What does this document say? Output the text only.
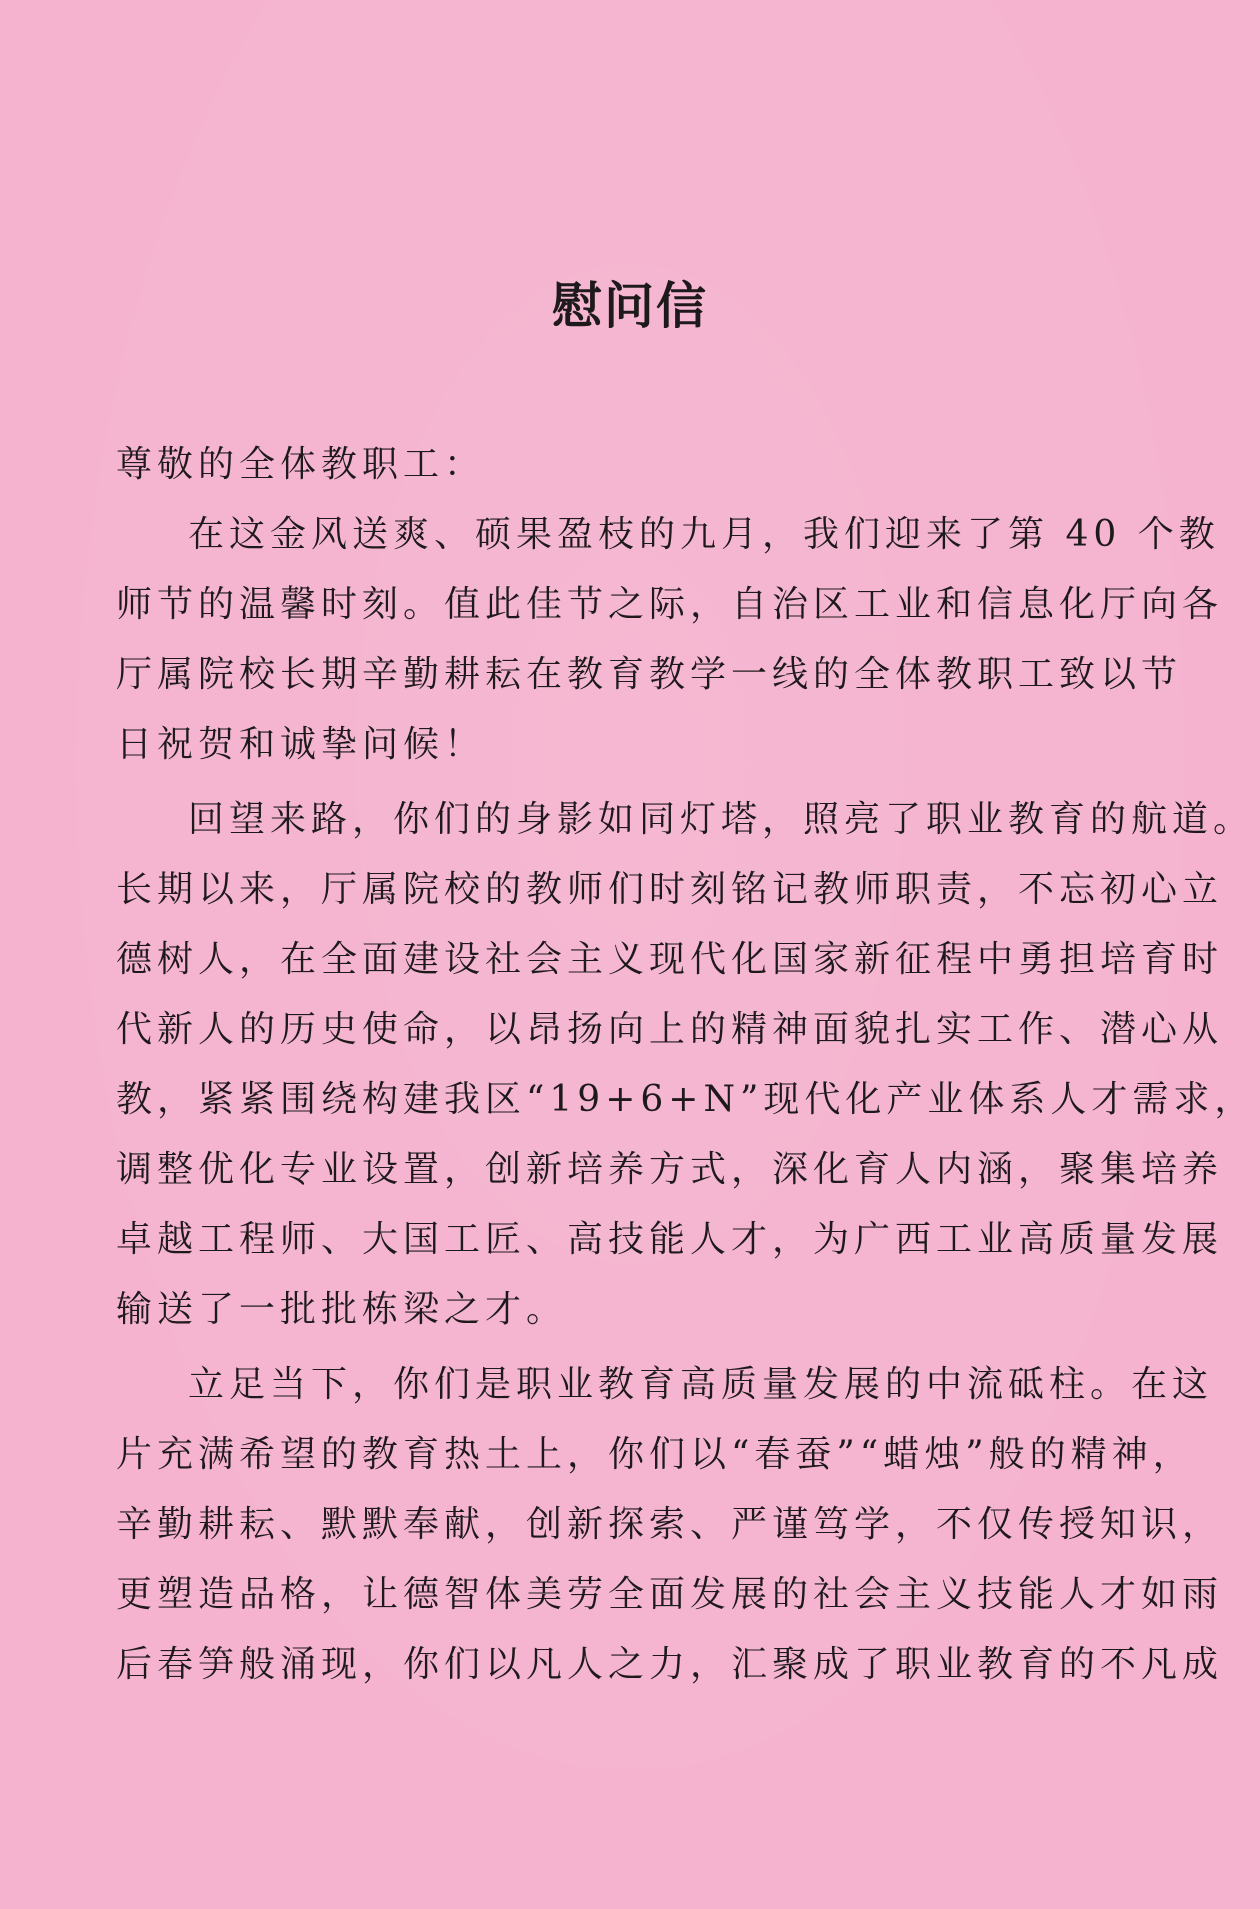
慰问信
尊敬的全体教职工：
在这金风送爽、硕果盈枝的九月，我们迎来了第 40 个教
师节的温馨时刻。值此佳节之际，自治区工业和信息化厅向各
厅属院校长期辛勤耕耘在教育教学一线的全体教职工致以节
日祝贺和诚挚问候！
回望来路，你们的身影如同灯塔，照亮了职业教育的航道。
长期以来，厅属院校的教师们时刻铭记教师职责，不忘初心立
德树人，在全面建设社会主义现代化国家新征程中勇担培育时
代新人的历史使命，以昂扬向上的精神面貌扎实工作、潜心从
教，紧紧围绕构建我区“19+6+N”现代化产业体系人才需求，
调整优化专业设置，创新培养方式，深化育人内涵，聚集培养
卓越工程师、大国工匠、高技能人才，为广西工业高质量发展
输送了一批批栋梁之才。
立足当下，你们是职业教育高质量发展的中流砥柱。在这
片充满希望的教育热土上，你们以“春蚕”“蜡烛”般的精神，
辛勤耕耘、默默奉献，创新探索、严谨笃学，不仅传授知识，
更塑造品格，让德智体美劳全面发展的社会主义技能人才如雨
后春笋般涌现，你们以凡人之力，汇聚成了职业教育的不凡成
